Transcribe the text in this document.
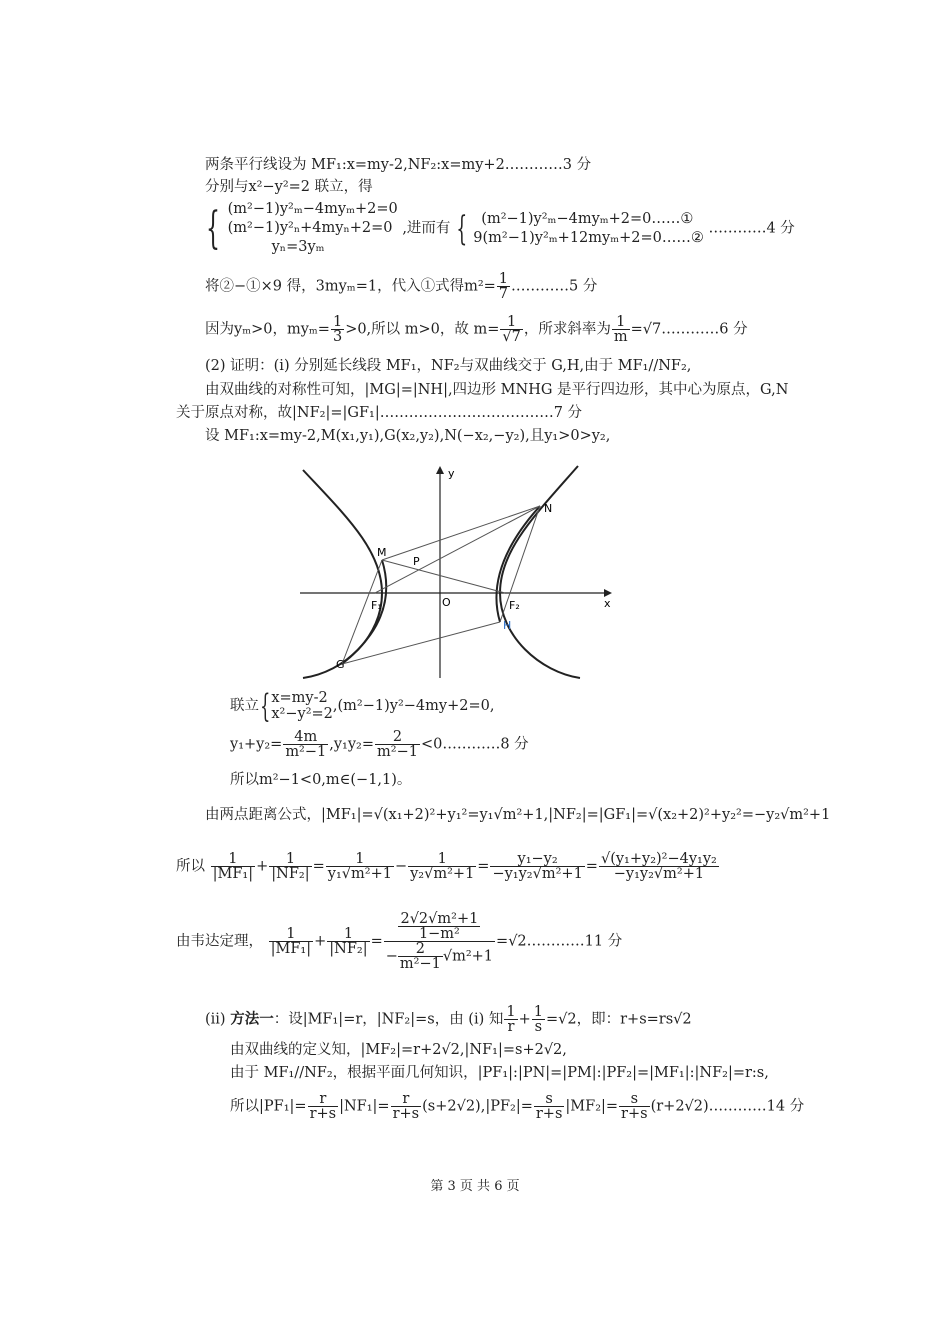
两条平行线设为 MF₁:x=my-2,NF₂:x=my+2…………3 分
分别与x²−y²=2 联立，得
{ (m²−1)y²ₘ−4myₘ+2=0
(m²−1)y²ₙ+4myₙ+2=0
yₙ=3yₘ
,进而有 { (m²−1)y²ₘ−4myₘ+2=0……①
9(m²−1)y²ₘ+12myₘ+2=0……②
…………4 分
将②−①×9 得，3myₘ=1，代入①式得$m^2= \frac{1}{7}$ …………5 分
因为yₘ>0，$my_m= \frac{1}{3} >0$,所以 m>0，故 $m= \frac{1}{√7}$ ，所求斜率为 $\frac{1}{m}$ =√7…………6 分
(2) 证明：(i) 分别延长线段 MF₁，NF₂与双曲线交于 G,H,由于 MF₁//NF₂,
由双曲线的对称性可知，|MG|=|NH|,四边形 MNHG 是平行四边形，其中心为原点，G,N
关于原点对称，故|NF₂|=|GF₁|………………………………7 分
设 MF₁:x=my-2,M(x₁,y₁),G(x₂,y₂),N(−x₂,−y₂),且y₁>0>y₂,
y
x
O
M
N
P
F₁	F₂
G
H
联立{ x=my-2
x²−y²=2 ,(m²−1)y²−4my+2=0,
$y_1+y_2= \frac{4m}{\text{m²−1}} ,y_1y_2= \frac{2}{\text{m²−1}}$ <0…………8 分
所以m²−1<0,m∈(−1,1)。
由两点距离公式，|MF₁|=√(x₁+2)²+y₁²=y₁√m²+1,|NF₂|=|GF₁|=√(x₂+2)²+y₂²=−y₂√m²+1
所以 $\frac{1}{\text{|MF₁|}} + \frac{1}{\text{|NF₂|}} = \frac{1}{\text{y₁√m²+1}} - \frac{1}{\text{y₂√m²+1}} = \frac{\text{y₁−y₂}}{\text{−y₁y₂√m²+1}} = \frac{\text{√(y₁+y₂)²−4y₁y₂}}{\text{−y₁y₂√m²+1}}$
由韦达定理， $\frac{1}{\text{|MF₁|}} + \frac{1}{\text{|NF₂|}} = \frac{\frac{\text{2√2√m²+1}}{\text{1−m²}}}{- \frac{2}{\text{m²−1}} √m^2+1}$ =√2…………11 分
(ii) 方法一：设|MF₁|=r，|NF₂|=s，由 (i) 知 $\frac{1}{r} + \frac{1}{s} =√2$，即：r+s=rs√2
由双曲线的定义知，|MF₂|=r+2√2,|NF₁|=s+2√2,
由于 MF₁//NF₂，根据平面几何知识，|PF₁|:|PN|=|PM|:|PF₂|=|MF₁|:|NF₂|=r:s,
所以$|PF_1|= \frac{r}{r+s} |NF_1|= \frac{r}{r+s} (s+2√2),|PF_2|= \frac{s}{r+s} |MF_2|= \frac{s}{r+s}$ (r+2√2)…………14 分
第 3 页 共 6 页
